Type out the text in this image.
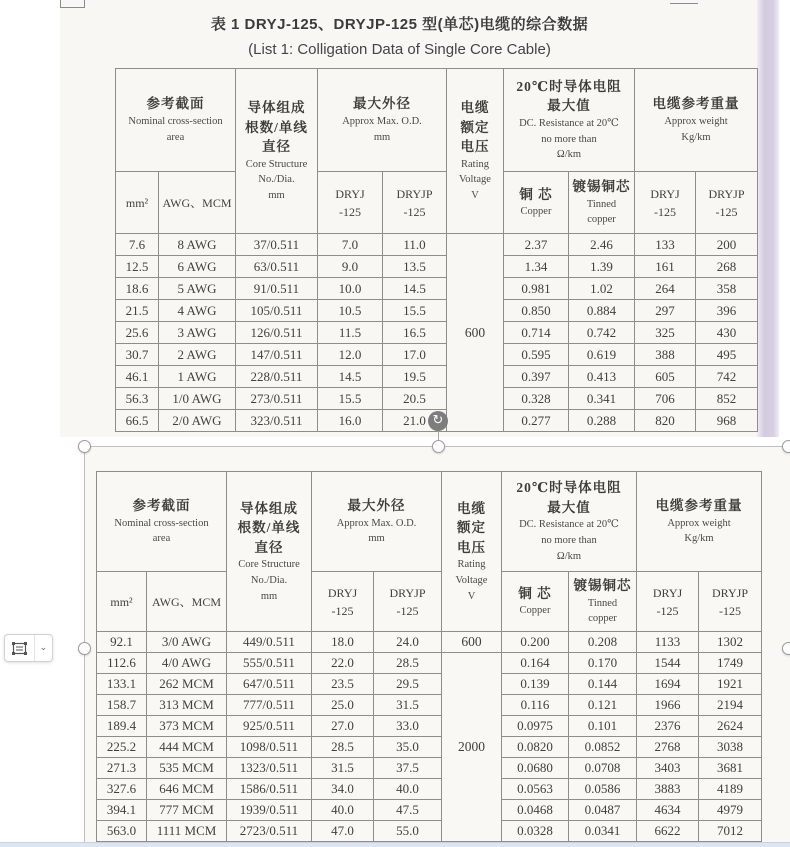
表 1 DRYJ-125、DRYJP-125 型(单芯)电缆的综合数据
(List 1: Colligation Data of Single Core Cable)
参考截面
Nominal cross-section
area

导体组成
根数/单线
直径
Core Structure
No./Dia.
mm

最大外径
Approx Max. O.D.
mm

电缆
额定
电压
Rating
Voltage
V

20℃时导体电阻
最大值
DC. Resistance at 20℃
no more than
Ω/km

电缆参考重量
Approx weight
Kg/km

mm²	AWG、MCM		DRYJ
-125	DRYJP
-125		铜 芯
Copper	镀锡铜芯
Tinned
copper	DRYJ
-125	DRYJP
-125

7.6	8 AWG	37/0.511	7.0	11.0	600	2.37	2.46	133	200
12.5	6 AWG	63/0.511	9.0	13.5		1.34	1.39	161	268
18.6	5 AWG	91/0.511	10.0	14.5		0.981	1.02	264	358
21.5	4 AWG	105/0.511	10.5	15.5		0.850	0.884	297	396
25.6	3 AWG	126/0.511	11.5	16.5		0.714	0.742	325	430
30.7	2 AWG	147/0.511	12.0	17.0		0.595	0.619	388	495
46.1	1 AWG	228/0.511	14.5	19.5		0.397	0.413	605	742
56.3	1/0 AWG	273/0.511	15.5	20.5		0.328	0.341	706	852
66.5	2/0 AWG	323/0.511	16.0	21.0		0.277	0.288	820	968
参考截面
Nominal cross-section
area

导体组成
根数/单线
直径
Core Structure
No./Dia.
mm

最大外径
Approx Max. O.D.
mm

电缆
额定
电压
Rating
Voltage
V

20℃时导体电阻
最大值
DC. Resistance at 20℃
no more than
Ω/km

电缆参考重量
Approx weight
Kg/km

mm²	AWG、MCM		DRYJ
-125	DRYJP
-125		铜 芯
Copper	镀锡铜芯
Tinned
copper	DRYJ
-125	DRYJP
-125

92.1	3/0 AWG	449/0.511	18.0	24.0	600	0.200	0.208	1133	1302
112.6	4/0 AWG	555/0.511	22.0	28.5	2000	0.164	0.170	1544	1749
133.1	262 MCM	647/0.511	23.5	29.5		0.139	0.144	1694	1921
158.7	313 MCM	777/0.511	25.0	31.5		0.116	0.121	1966	2194
189.4	373 MCM	925/0.511	27.0	33.0		0.0975	0.101	2376	2624
225.2	444 MCM	1098/0.511	28.5	35.0		0.0820	0.0852	2768	3038
271.3	535 MCM	1323/0.511	31.5	37.5		0.0680	0.0708	3403	3681
327.6	646 MCM	1586/0.511	34.0	40.0		0.0563	0.0586	3883	4189
394.1	777 MCM	1939/0.511	40.0	47.5		0.0468	0.0487	4634	4979
563.0	1111 MCM	2723/0.511	47.0	55.0		0.0328	0.0341	6622	7012
↻
⌄
